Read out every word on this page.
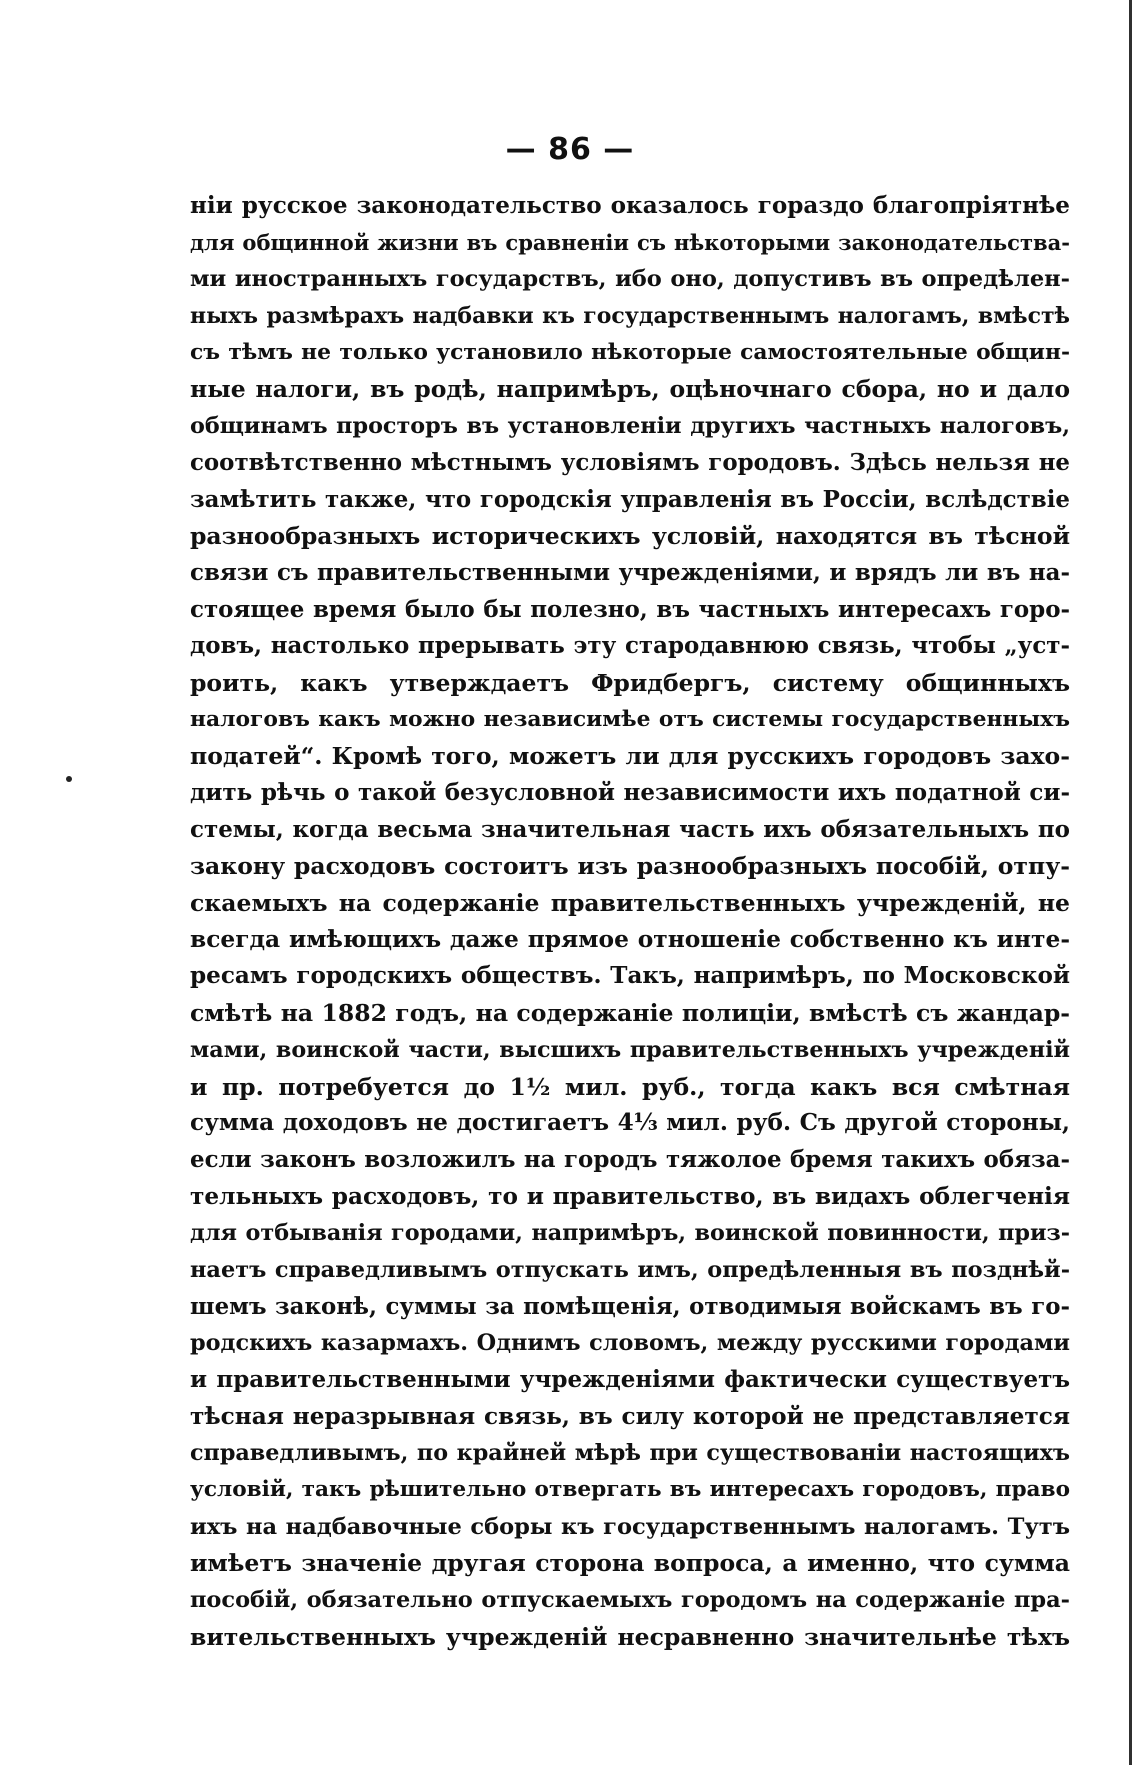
— 86 —
нiи русское законодательство оказалось гораздо благопрiятнѣе
для общинной жизни въ сравненiи съ нѣкоторыми законодательства-
ми иностранныхъ государствъ, ибо оно, допустивъ въ опредѣлен-
ныхъ размѣрахъ надбавки къ государственнымъ налогамъ, вмѣстѣ
съ тѣмъ не только установило нѣкоторые самостоятельные общин-
ные налоги, въ родѣ, напримѣръ, оцѣночнаго сбора, но и дало
общинамъ просторъ въ установленiи другихъ частныхъ налоговъ,
соотвѣтственно мѣстнымъ условiямъ городовъ. Здѣсь нельзя не
замѣтить также, что городскiя управленiя въ Россiи, вслѣдствiе
разнообразныхъ историческихъ условiй, находятся въ тѣсной
связи съ правительственными учрежденiями, и врядъ ли въ на-
стоящее время было бы полезно, въ частныхъ интересахъ горо-
довъ, настолько прерывать эту стародавнюю связь, чтобы „уст-
роить, какъ утверждаетъ Фридбергъ, систему общинныхъ
налоговъ какъ можно независимѣе отъ системы государственныхъ
податей“. Кромѣ того, можетъ ли для русскихъ городовъ захо-
дить рѣчь о такой безусловной независимости ихъ податной си-
стемы, когда весьма значительная часть ихъ обязательныхъ по
закону расходовъ состоитъ изъ разнообразныхъ пособiй, отпу-
скаемыхъ на содержанiе правительственныхъ учрежденiй, не
всегда имѣющихъ даже прямое отношенiе собственно къ инте-
ресамъ городскихъ обществъ. Такъ, напримѣръ, по Московской
смѣтѣ на 1882 годъ, на содержанiе полицiи, вмѣстѣ съ жандар-
мами, воинской части, высшихъ правительственныхъ учрежденiй
и пр. потребуется до 1½ мил. руб., тогда какъ вся смѣтная
сумма доходовъ не достигаетъ 4⅓ мил. руб. Съ другой стороны,
если законъ возложилъ на городъ тяжолое бремя такихъ обяза-
тельныхъ расходовъ, то и правительство, въ видахъ облегченiя
для отбыванiя городами, напримѣръ, воинской повинности, приз-
наетъ справедливымъ отпускать имъ, опредѣленныя въ позднѣй-
шемъ законѣ, суммы за помѣщенiя, отводимыя войскамъ въ го-
родскихъ казармахъ. Однимъ словомъ, между русскими городами
и правительственными учрежденiями фактически существуетъ
тѣсная неразрывная связь, въ силу которой не представляется
справедливымъ, по крайней мѣрѣ при существованiи настоящихъ
условiй, такъ рѣшительно отвергать въ интересахъ городовъ, право
ихъ на надбавочные сборы къ государственнымъ налогамъ. Тутъ
имѣетъ значенiе другая сторона вопроса, а именно, что сумма
пособiй, обязательно отпускаемыхъ городомъ на содержанiе пра-
вительственныхъ учрежденiй несравненно значительнѣе тѣхъ
